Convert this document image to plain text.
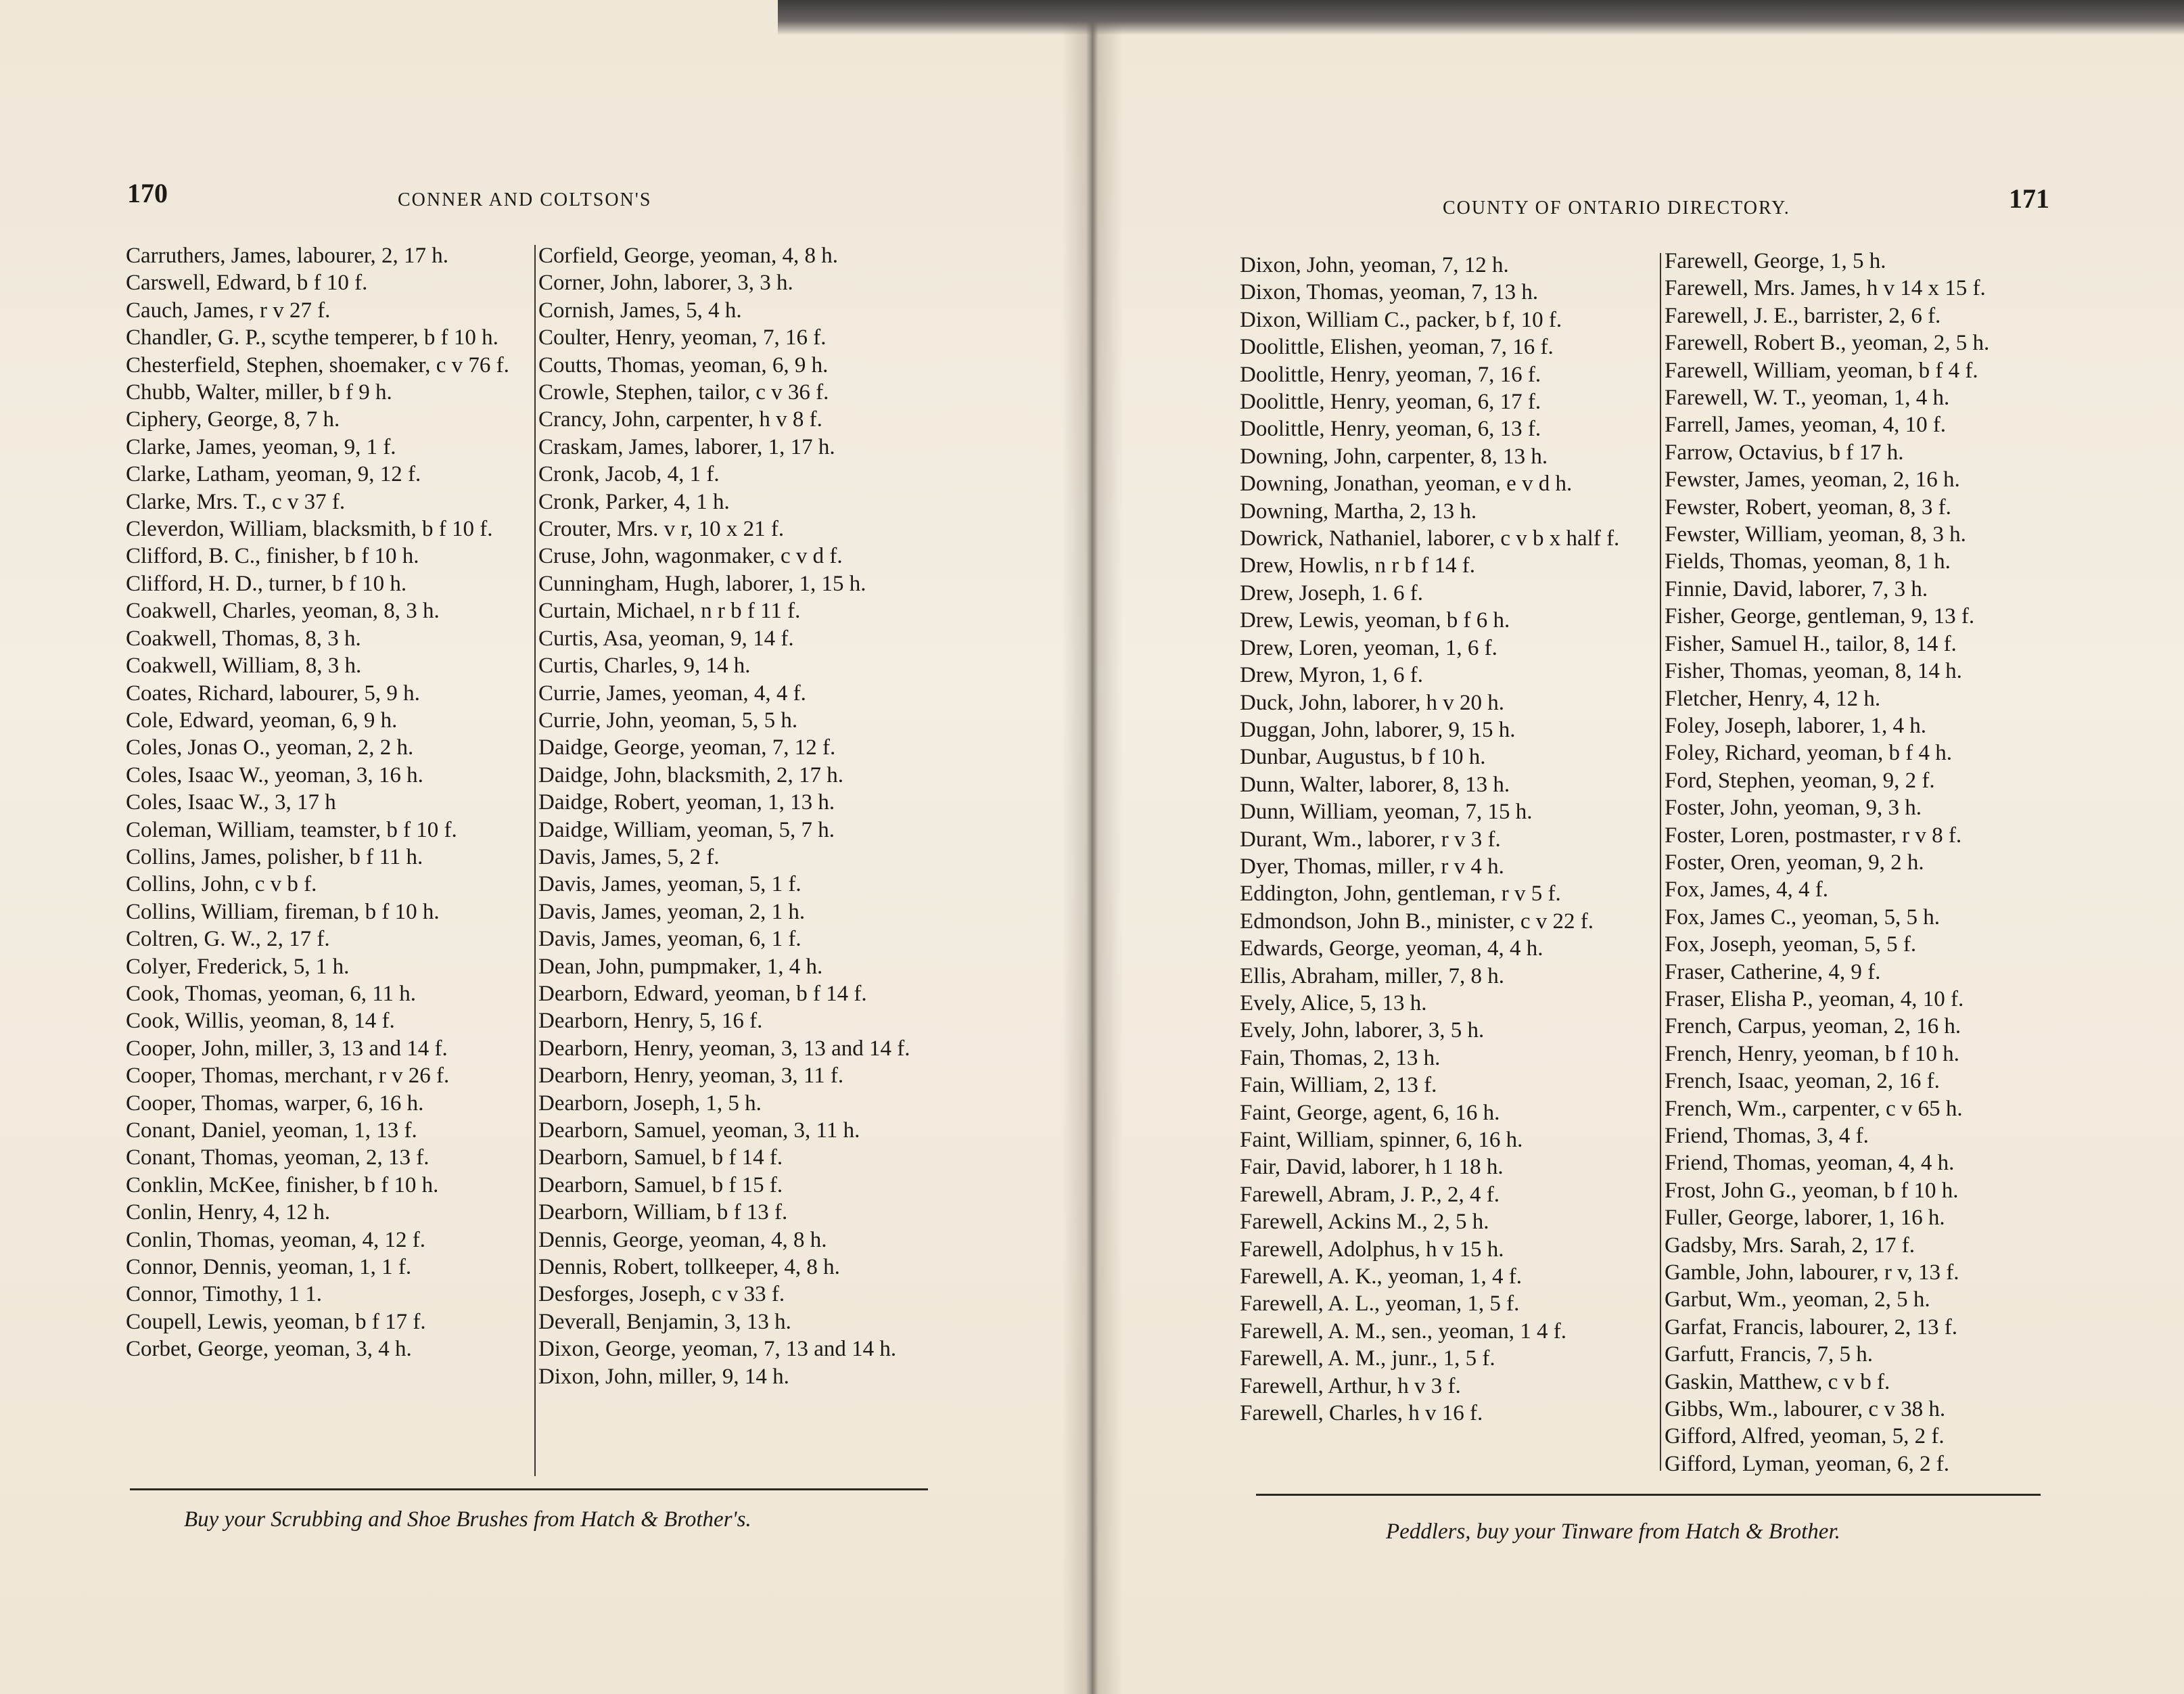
170	CONNER AND COLTSON'S
Carruthers, James, labourer, 2, 17 h.
Carswell, Edward, b f 10 f.
Cauch, James, r v 27 f.
Chandler, G. P., scythe temperer, b f 10 h.
Chesterfield, Stephen, shoemaker, c v 76 f.
Chubb, Walter, miller, b f 9 h.
Ciphery, George, 8, 7 h.
Clarke, James, yeoman, 9, 1 f.
Clarke, Latham, yeoman, 9, 12 f.
Clarke, Mrs. T., c v 37 f.
Cleverdon, William, blacksmith, b f 10 f.
Clifford, B. C., finisher, b f 10 h.
Clifford, H. D., turner, b f 10 h.
Coakwell, Charles, yeoman, 8, 3 h.
Coakwell, Thomas, 8, 3 h.
Coakwell, William, 8, 3 h.
Coates, Richard, labourer, 5, 9 h.
Cole, Edward, yeoman, 6, 9 h.
Coles, Jonas O., yeoman, 2, 2 h.
Coles, Isaac W., yeoman, 3, 16 h.
Coles, Isaac W., 3, 17 h
Coleman, William, teamster, b f 10 f.
Collins, James, polisher, b f 11 h.
Collins, John, c v b f.
Collins, William, fireman, b f 10 h.
Coltren, G. W., 2, 17 f.
Colyer, Frederick, 5, 1 h.
Cook, Thomas, yeoman, 6, 11 h.
Cook, Willis, yeoman, 8, 14 f.
Cooper, John, miller, 3, 13 and 14 f.
Cooper, Thomas, merchant, r v 26 f.
Cooper, Thomas, warper, 6, 16 h.
Conant, Daniel, yeoman, 1, 13 f.
Conant, Thomas, yeoman, 2, 13 f.
Conklin, McKee, finisher, b f 10 h.
Conlin, Henry, 4, 12 h.
Conlin, Thomas, yeoman, 4, 12 f.
Connor, Dennis, yeoman, 1, 1 f.
Connor, Timothy, 1 1.
Coupell, Lewis, yeoman, b f 17 f.
Corbet, George, yeoman, 3, 4 h.
Corfield, George, yeoman, 4, 8 h.
Corner, John, laborer, 3, 3 h.
Cornish, James, 5, 4 h.
Coulter, Henry, yeoman, 7, 16 f.
Coutts, Thomas, yeoman, 6, 9 h.
Crowle, Stephen, tailor, c v 36 f.
Crancy, John, carpenter, h v 8 f.
Craskam, James, laborer, 1, 17 h.
Cronk, Jacob, 4, 1 f.
Cronk, Parker, 4, 1 h.
Crouter, Mrs. v r, 10 x 21 f.
Cruse, John, wagonmaker, c v d f.
Cunningham, Hugh, laborer, 1, 15 h.
Curtain, Michael, n r b f 11 f.
Curtis, Asa, yeoman, 9, 14 f.
Curtis, Charles, 9, 14 h.
Currie, James, yeoman, 4, 4 f.
Currie, John, yeoman, 5, 5 h.
Daidge, George, yeoman, 7, 12 f.
Daidge, John, blacksmith, 2, 17 h.
Daidge, Robert, yeoman, 1, 13 h.
Daidge, William, yeoman, 5, 7 h.
Davis, James, 5, 2 f.
Davis, James, yeoman, 5, 1 f.
Davis, James, yeoman, 2, 1 h.
Davis, James, yeoman, 6, 1 f.
Dean, John, pumpmaker, 1, 4 h.
Dearborn, Edward, yeoman, b f 14 f.
Dearborn, Henry, 5, 16 f.
Dearborn, Henry, yeoman, 3, 13 and 14 f.
Dearborn, Henry, yeoman, 3, 11 f.
Dearborn, Joseph, 1, 5 h.
Dearborn, Samuel, yeoman, 3, 11 h.
Dearborn, Samuel, b f 14 f.
Dearborn, Samuel, b f 15 f.
Dearborn, William, b f 13 f.
Dennis, George, yeoman, 4, 8 h.
Dennis, Robert, tollkeeper, 4, 8 h.
Desforges, Joseph, c v 33 f.
Deverall, Benjamin, 3, 13 h.
Dixon, George, yeoman, 7, 13 and 14 h.
Dixon, John, miller, 9, 14 h.
Buy your Scrubbing and Shoe Brushes from Hatch & Brother's.
171
COUNTY OF ONTARIO DIRECTORY.
Dixon, John, yeoman, 7, 12 h.
Dixon, Thomas, yeoman, 7, 13 h.
Dixon, William C., packer, b f, 10 f.
Doolittle, Elishen, yeoman, 7, 16 f.
Doolittle, Henry, yeoman, 7, 16 f.
Doolittle, Henry, yeoman, 6, 17 f.
Doolittle, Henry, yeoman, 6, 13 f.
Downing, John, carpenter, 8, 13 h.
Downing, Jonathan, yeoman, e v d h.
Downing, Martha, 2, 13 h.
Dowrick, Nathaniel, laborer, c v b x half f.
Drew, Howlis, n r b f 14 f.
Drew, Joseph, 1. 6 f.
Drew, Lewis, yeoman, b f 6 h.
Drew, Loren, yeoman, 1, 6 f.
Drew, Myron, 1, 6 f.
Duck, John, laborer, h v 20 h.
Duggan, John, laborer, 9, 15 h.
Dunbar, Augustus, b f 10 h.
Dunn, Walter, laborer, 8, 13 h.
Dunn, William, yeoman, 7, 15 h.
Durant, Wm., laborer, r v 3 f.
Dyer, Thomas, miller, r v 4 h.
Eddington, John, gentleman, r v 5 f.
Edmondson, John B., minister, c v 22 f.
Edwards, George, yeoman, 4, 4 h.
Ellis, Abraham, miller, 7, 8 h.
Evely, Alice, 5, 13 h.
Evely, John, laborer, 3, 5 h.
Fain, Thomas, 2, 13 h.
Fain, William, 2, 13 f.
Faint, George, agent, 6, 16 h.
Faint, William, spinner, 6, 16 h.
Fair, David, laborer, h 1 18 h.
Farewell, Abram, J. P., 2, 4 f.
Farewell, Ackins M., 2, 5 h.
Farewell, Adolphus, h v 15 h.
Farewell, A. K., yeoman, 1, 4 f.
Farewell, A. L., yeoman, 1, 5 f.
Farewell, A. M., sen., yeoman, 1 4 f.
Farewell, A. M., junr., 1, 5 f.
Farewell, Arthur, h v 3 f.
Farewell, Charles, h v 16 f.
Farewell, George, 1, 5 h.
Farewell, Mrs. James, h v 14 x 15 f.
Farewell, J. E., barrister, 2, 6 f.
Farewell, Robert B., yeoman, 2, 5 h.
Farewell, William, yeoman, b f 4 f.
Farewell, W. T., yeoman, 1, 4 h.
Farrell, James, yeoman, 4, 10 f.
Farrow, Octavius, b f 17 h.
Fewster, James, yeoman, 2, 16 h.
Fewster, Robert, yeoman, 8, 3 f.
Fewster, William, yeoman, 8, 3 h.
Fields, Thomas, yeoman, 8, 1 h.
Finnie, David, laborer, 7, 3 h.
Fisher, George, gentleman, 9, 13 f.
Fisher, Samuel H., tailor, 8, 14 f.
Fisher, Thomas, yeoman, 8, 14 h.
Fletcher, Henry, 4, 12 h.
Foley, Joseph, laborer, 1, 4 h.
Foley, Richard, yeoman, b f 4 h.
Ford, Stephen, yeoman, 9, 2 f.
Foster, John, yeoman, 9, 3 h.
Foster, Loren, postmaster, r v 8 f.
Foster, Oren, yeoman, 9, 2 h.
Fox, James, 4, 4 f.
Fox, James C., yeoman, 5, 5 h.
Fox, Joseph, yeoman, 5, 5 f.
Fraser, Catherine, 4, 9 f.
Fraser, Elisha P., yeoman, 4, 10 f.
French, Carpus, yeoman, 2, 16 h.
French, Henry, yeoman, b f 10 h.
French, Isaac, yeoman, 2, 16 f.
French, Wm., carpenter, c v 65 h.
Friend, Thomas, 3, 4 f.
Friend, Thomas, yeoman, 4, 4 h.
Frost, John G., yeoman, b f 10 h.
Fuller, George, laborer, 1, 16 h.
Gadsby, Mrs. Sarah, 2, 17 f.
Gamble, John, labourer, r v, 13 f.
Garbut, Wm., yeoman, 2, 5 h.
Garfat, Francis, labourer, 2, 13 f.
Garfutt, Francis, 7, 5 h.
Gaskin, Matthew, c v b f.
Gibbs, Wm., labourer, c v 38 h.
Gifford, Alfred, yeoman, 5, 2 f.
Gifford, Lyman, yeoman, 6, 2 f.
Peddlers, buy your Tinware from Hatch & Brother.
